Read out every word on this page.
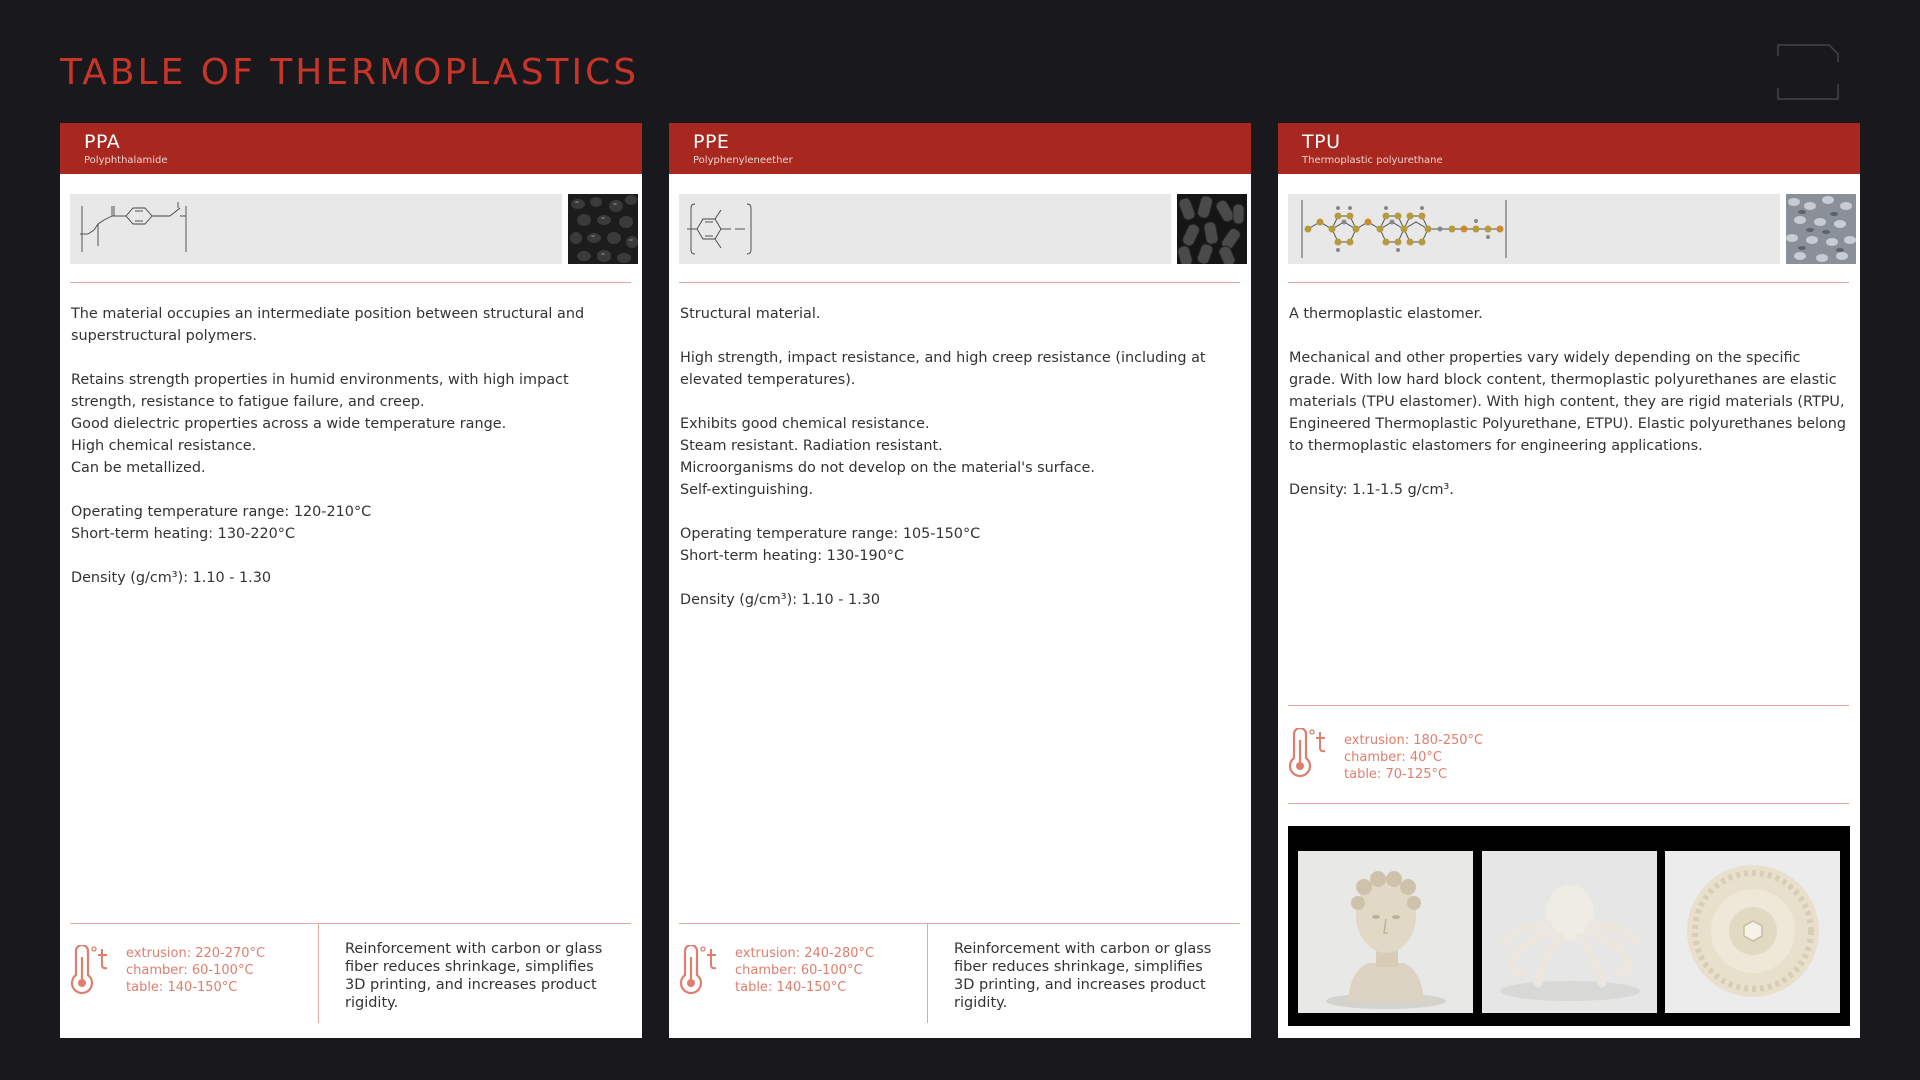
TABLE OF THERMOPLASTICS
PPA
Polyphthalamide

The material occupies an intermediate position between structural and superstructural polymers.

Retains strength properties in humid environments, with high impact strength, resistance to fatigue failure, and creep.

Good dielectric properties across a wide temperature range.

High chemical resistance.

Can be metallized.

Operating temperature range: 120-210°C

Short-term heating: 130-220°C

Density (g/cm³): 1.10 - 1.30

extrusion: 220-270°C
chamber: 60-100°C
table: 140-150°C
Reinforcement with carbon or glass fiber reduces shrinkage, simplifies 3D printing, and increases product rigidity.
PPE
Polyphenyleneether

Structural material.

High strength, impact resistance, and high creep resistance (including at elevated temperatures).

Exhibits good chemical resistance.

Steam resistant. Radiation resistant.

Microorganisms do not develop on the material's surface.

Self-extinguishing.

Operating temperature range: 105-150°C

Short-term heating: 130-190°C

Density (g/cm³): 1.10 - 1.30

extrusion: 240-280°C
chamber: 60-100°C
table: 140-150°C
Reinforcement with carbon or glass fiber reduces shrinkage, simplifies 3D printing, and increases product rigidity.
TPU
Thermoplastic polyurethane

A thermoplastic elastomer.

Mechanical and other properties vary widely depending on the specific grade. With low hard block content, thermoplastic polyurethanes are elastic materials (TPU elastomer). With high content, they are rigid materials (RTPU, Engineered Thermoplastic Polyurethane, ETPU). Elastic polyurethanes belong to thermoplastic elastomers for engineering applications.

Density: 1.1-1.5 g/cm³.

extrusion: 180-250°C
chamber: 40°C
table: 70-125°C
